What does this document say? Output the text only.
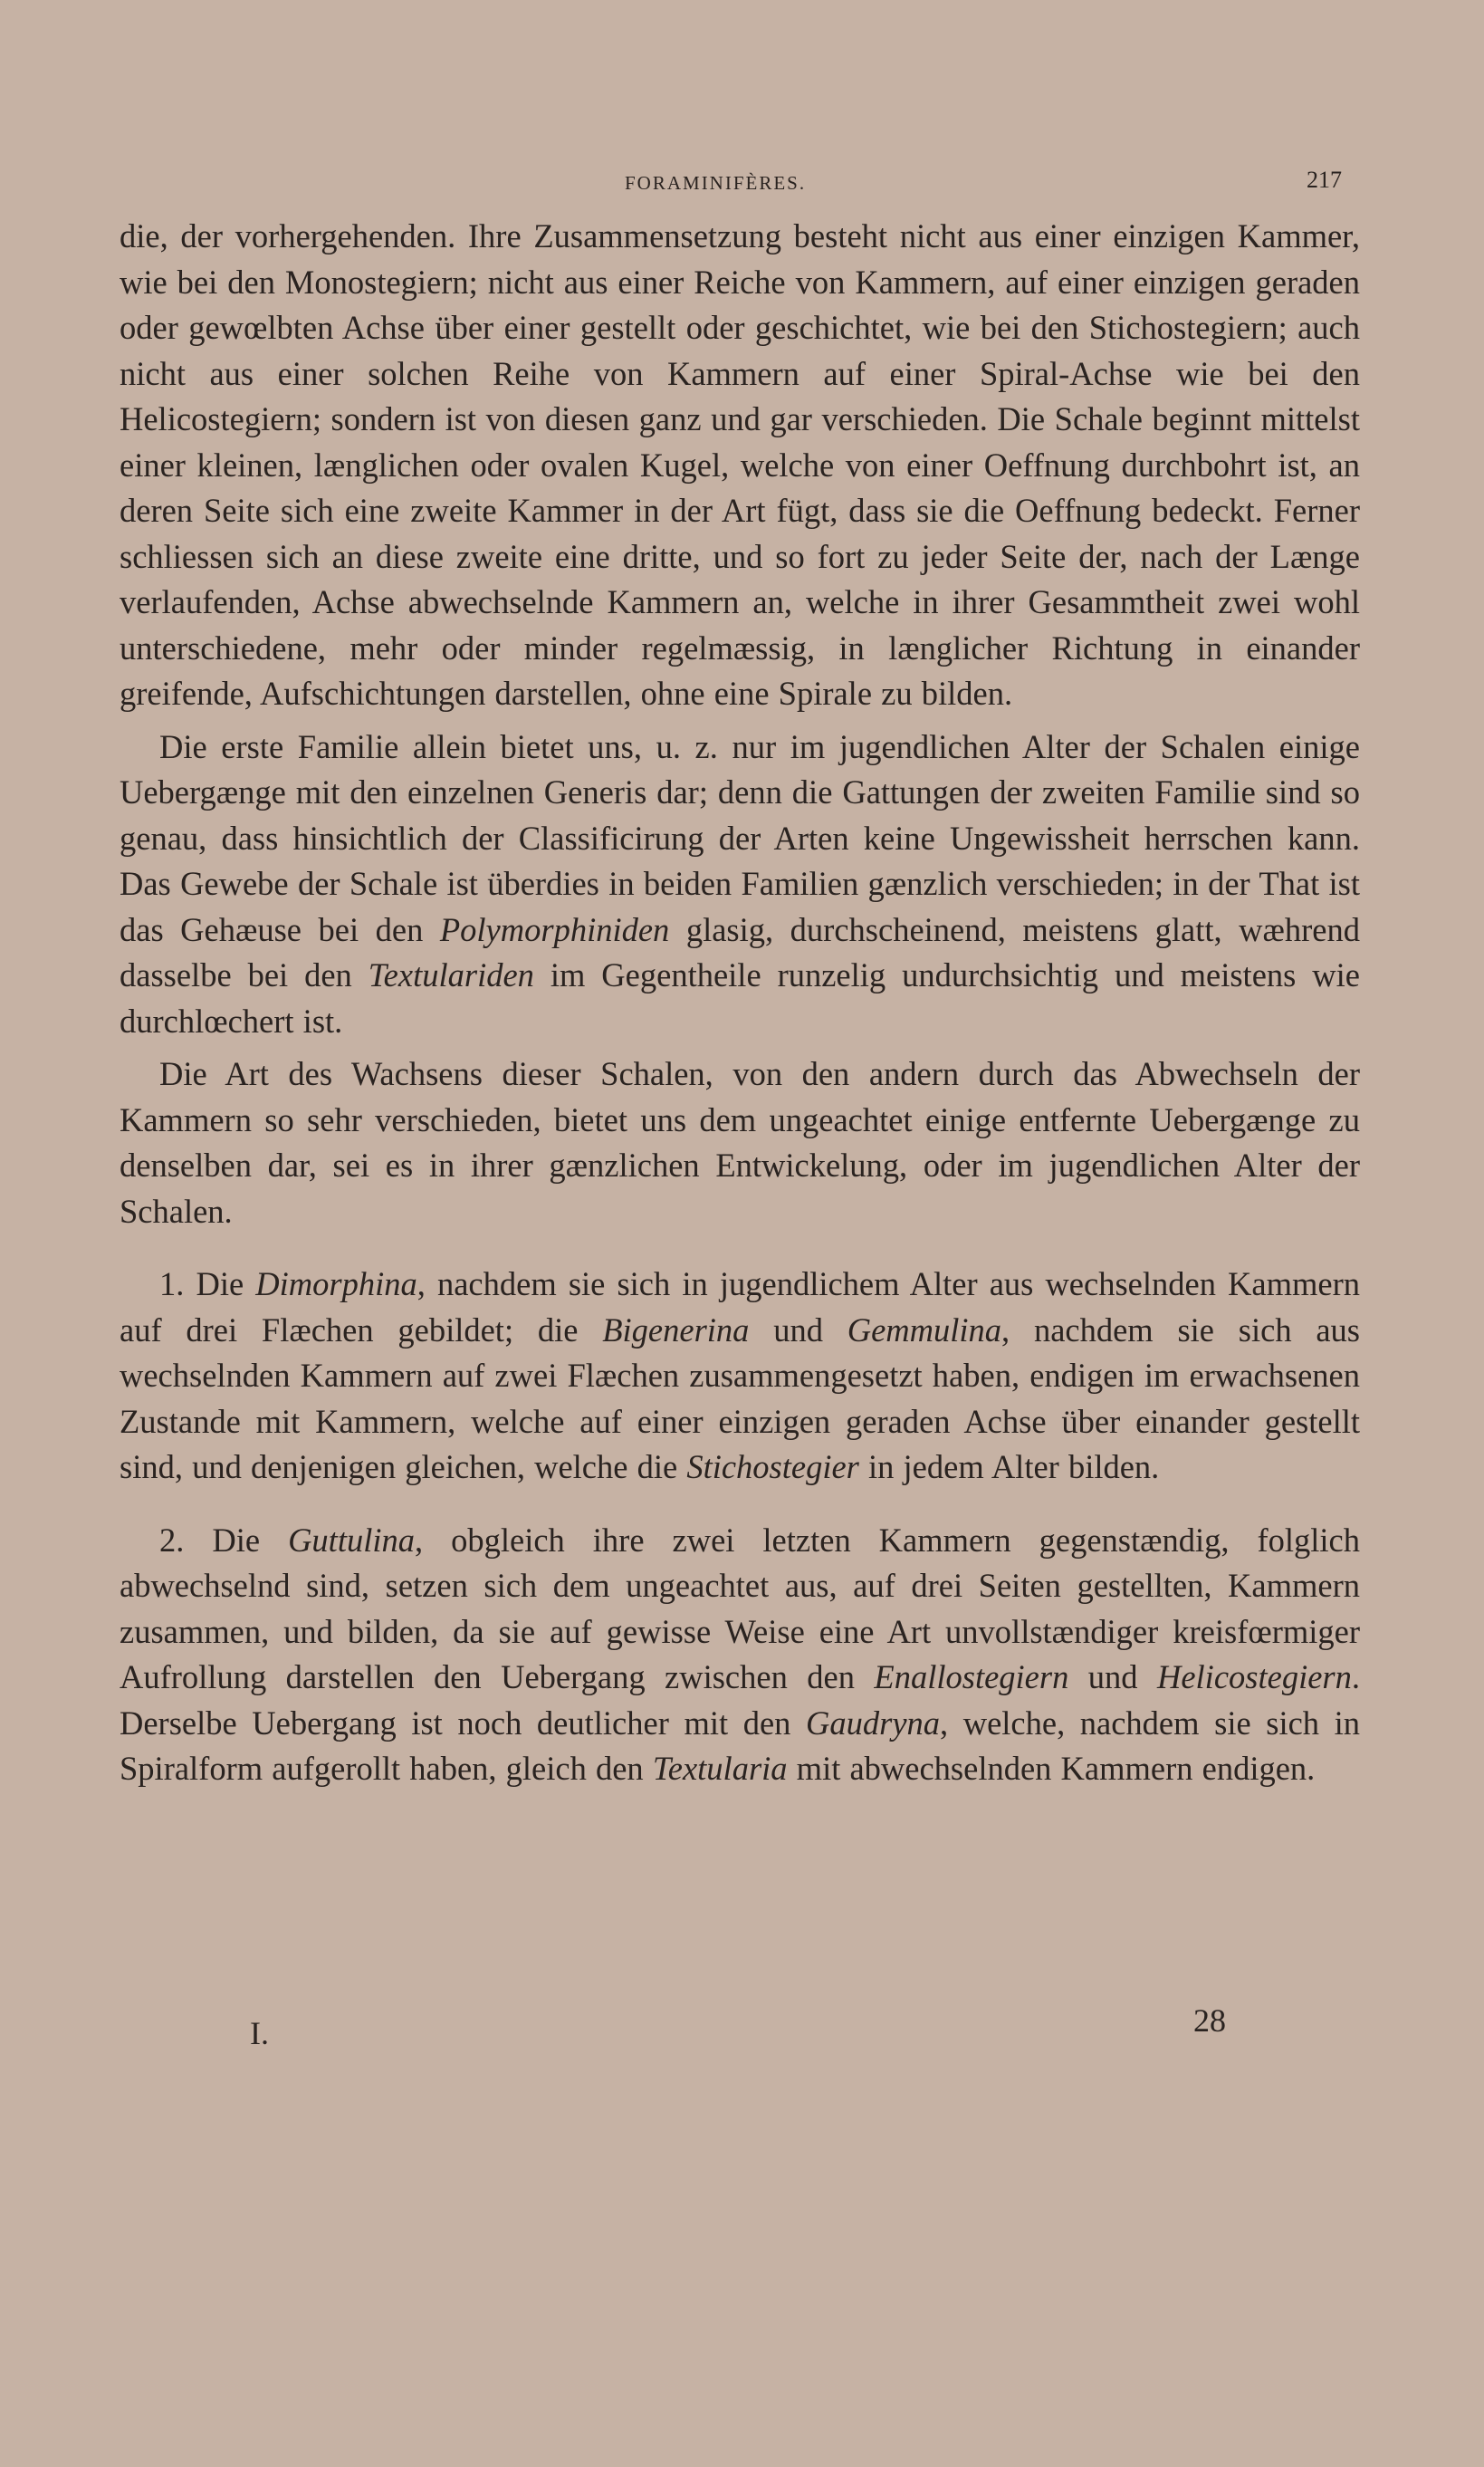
FORAMINIFÈRES.	217

die, der vorhergehenden. Ihre Zusammensetzung besteht nicht aus einer einzigen Kammer, wie bei den Monostegiern; nicht aus einer Reiche von Kammern, auf einer einzigen geraden oder gewœlbten Achse über einer gestellt oder geschichtet, wie bei den Stichostegiern; auch nicht aus einer solchen Reihe von Kammern auf einer Spiral-Achse wie bei den Helicostegiern; sondern ist von diesen ganz und gar verschieden. Die Schale beginnt mittelst einer kleinen, længlichen oder ovalen Kugel, welche von einer Oeffnung durchbohrt ist, an deren Seite sich eine zweite Kammer in der Art fügt, dass sie die Oeffnung bedeckt. Ferner schliessen sich an diese zweite eine dritte, und so fort zu jeder Seite der, nach der Længe verlaufenden, Achse abwechselnde Kammern an, welche in ihrer Gesammtheit zwei wohl unterschiedene, mehr oder minder regelmæssig, in længlicher Richtung in einander greifende, Aufschichtungen darstellen, ohne eine Spirale zu bilden.

Die erste Familie allein bietet uns, u. z. nur im jugendlichen Alter der Schalen einige Uebergænge mit den einzelnen Generis dar; denn die Gattungen der zweiten Familie sind so genau, dass hinsichtlich der Classificirung der Arten keine Ungewissheit herrschen kann. Das Gewebe der Schale ist überdies in beiden Familien gænzlich verschieden; in der That ist das Gehæuse bei den Polymorphiniden glasig, durchscheinend, meistens glatt, wæhrend dasselbe bei den Textulariden im Gegentheile runzelig undurchsichtig und meistens wie durchlœchert ist.

Die Art des Wachsens dieser Schalen, von den andern durch das Abwechseln der Kammern so sehr verschieden, bietet uns dem ungeachtet einige entfernte Uebergænge zu denselben dar, sei es in ihrer gænzlichen Entwickelung, oder im jugendlichen Alter der Schalen.

1. Die Dimorphina, nachdem sie sich in jugendlichem Alter aus wechselnden Kammern auf drei Flæchen gebildet; die Bigenerina und Gemmulina, nachdem sie sich aus wechselnden Kammern auf zwei Flæchen zusammengesetzt haben, endigen im erwachsenen Zustande mit Kammern, welche auf einer einzigen geraden Achse über einander gestellt sind, und denjenigen gleichen, welche die Stichostegier in jedem Alter bilden.

2. Die Guttulina, obgleich ihre zwei letzten Kammern gegenstændig, folglich abwechselnd sind, setzen sich dem ungeachtet aus, auf drei Seiten gestellten, Kammern zusammen, und bilden, da sie auf gewisse Weise eine Art unvollstændiger kreisfœrmiger Aufrollung darstellen den Uebergang zwischen den Enallostegiern und Helicostegiern. Derselbe Uebergang ist noch deutlicher mit den Gaudryna, welche, nachdem sie sich in Spiralform aufgerollt haben, gleich den Textularia mit abwechselnden Kammern endigen.

I.	28
